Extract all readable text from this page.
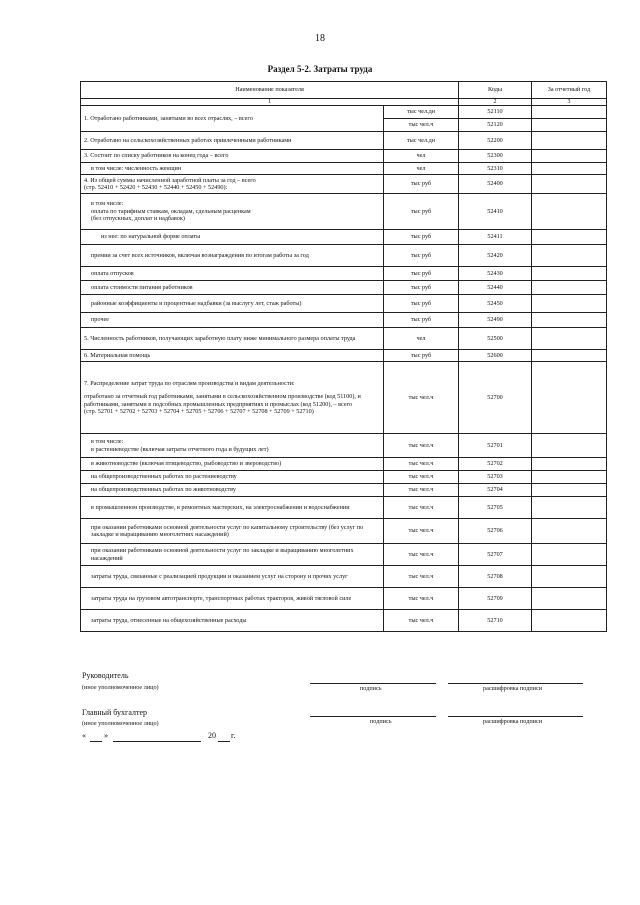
18
Раздел 5-2. Затраты труда
Наименование показателя		Коды	За отчетный год
1		2	3
1. Отработано работниками, занятыми во всех отраслях, – всего	тыс чел.дн	52110	
	тыс чел.ч	52120	
2. Отработано на сельскохозяйственных работах привлеченными работниками	тыс чел.дн	52200	
3. Состоит по списку работников на конец года – всего	чел	52300	
в том числе: численность женщин	чел	52310	

4. Из общей суммы начисленной заработной платы за год – всего
(стр. 52410 + 52420 + 52430 + 52440 + 52450 + 52490):	тыс руб	52400	

в том числе:
оплата по тарифным ставкам, окладам, сдельным расценкам
(без отпускных, доплат и надбавок)	тыс руб	52410	
из нее: по натуральной форме оплаты	тыс руб	52411	
премии за счет всех источников, включая вознаграждения по итогам работы за год	тыс руб	52420	
оплата отпусков	тыс руб	52430	
оплата стоимости питания работников	тыс руб	52440	
районные коэффициенты и процентные надбавки (за выслугу лет, стаж работы)	тыс руб	52450	
прочее	тыс руб	52490	
5. Численность работников, получающих заработную плату ниже минимального размера оплаты труда	чел	52500	
6. Материальная помощь	тыс руб	52600	

7. Распределение затрат труда по отраслям производства и видам деятельности:
отработано за отчетный год работниками, занятыми в сельскохозяйственном производстве (код 51100), и работниками, занятыми в подсобных промышленных предприятиях и промыслах (код 51200), – всего
(стр. 52701 + 52702 + 52703 + 52704 + 52705 + 52706 + 52707 + 52708 + 52709 + 52710)	тыс чел.ч	52700	

в том числе:
в растениеводстве (включая затраты отчетного года и будущих лет)	тыс чел.ч	52701	
в животноводстве (включая птицеводство, рыбоводство и звероводство)	тыс чел.ч	52702	
на общепроизводственных работах по растениеводству	тыс чел.ч	52703	
на общепроизводственных работах по животноводству	тыс чел.ч	52704	
в промышленном производстве, в ремонтных мастерских, на электроснабжении и водоснабжении	тыс чел.ч	52705	
при оказании работниками основной деятельности услуг по капитальному строительству (без услуг по закладке и выращиванию многолетних насаждений)	тыс чел.ч	52706	
при оказании работниками основной деятельности услуг по закладке и выращиванию многолетних насаждений	тыс чел.ч	52707	
затраты труда, связанные с реализацией продукции и оказанием услуг на сторону и прочих услуг	тыс чел.ч	52708	
затраты труда на грузовом автотранспорте, транспортных работах тракторов, живой тягловой силе	тыс чел.ч	52709	
затраты труда, отнесенные на общехозяйственные расходы	тыс чел.ч	52710	
Руководитель
(иное уполномоченное лицо)	подпись	расшифровка подписи
Главный бухгалтер
(иное уполномоченное лицо)	подпись	расшифровка подписи
« »	20 г.
